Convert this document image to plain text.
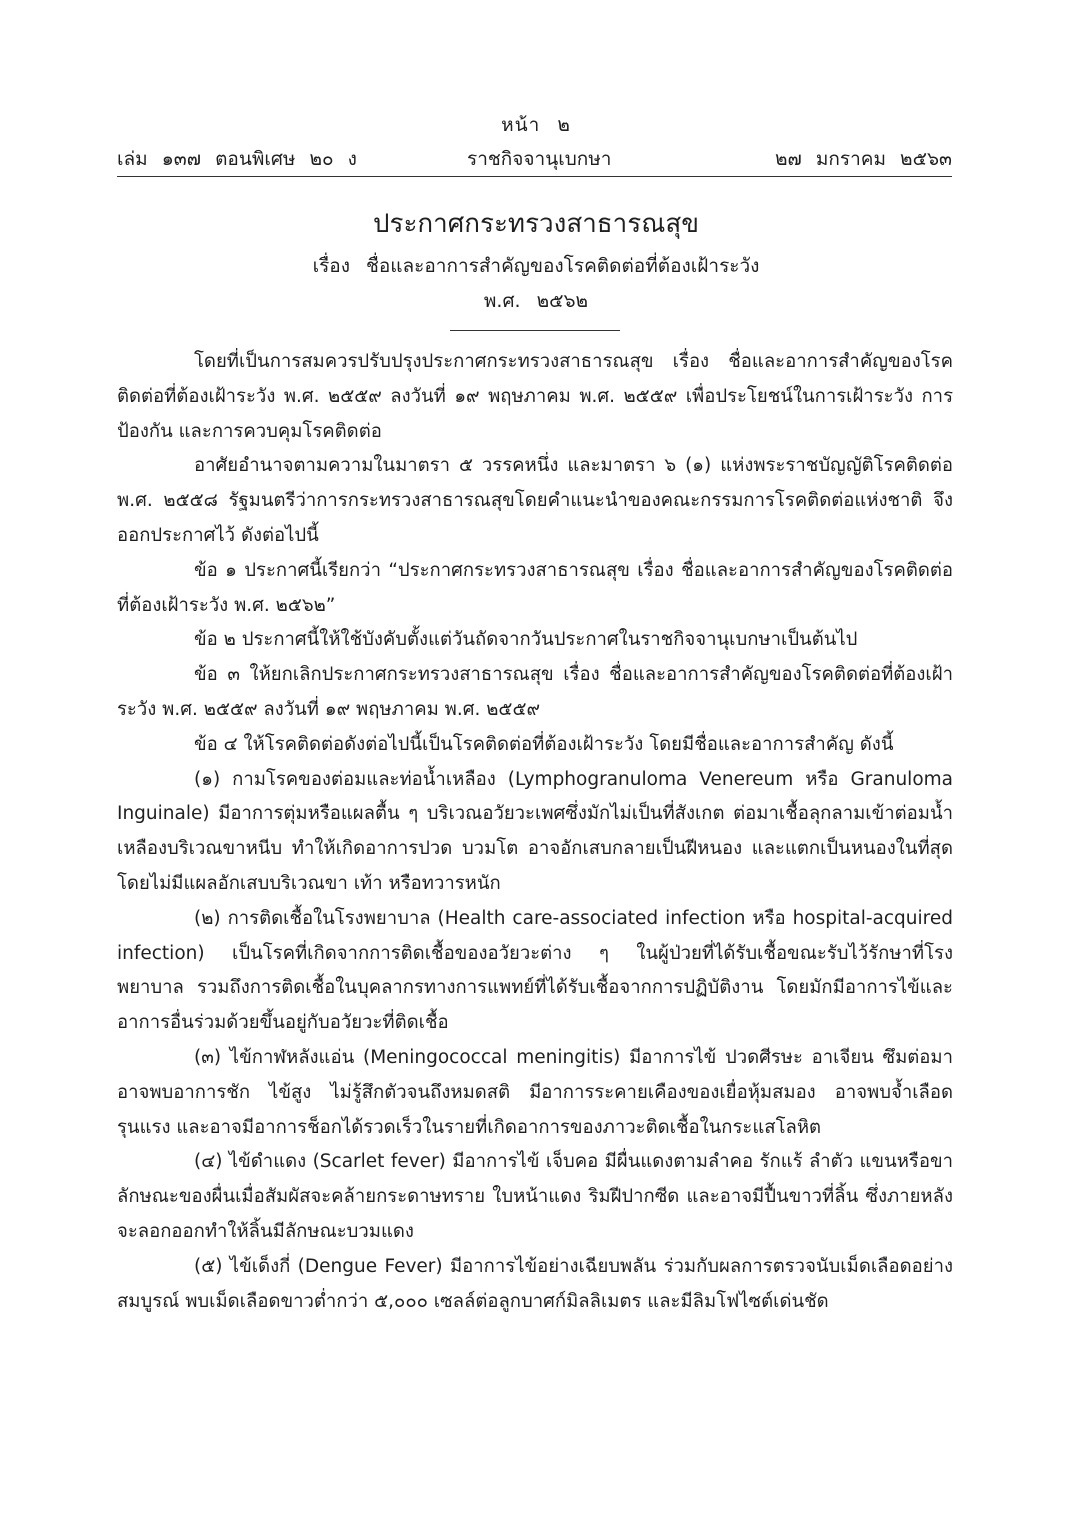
หน้า ๒
เล่ม ๑๓๗ ตอนพิเศษ ๒๐ ง	ราชกิจจานุเบกษา	๒๗ มกราคม ๒๕๖๓
ประกาศกระทรวงสาธารณสุข
เรื่อง ชื่อและอาการสำคัญของโรคติดต่อที่ต้องเฝ้าระวัง
พ.ศ. ๒๕๖๒

โดยที่เป็นการสมควรปรับปรุงประกาศกระทรวงสาธารณสุข เรื่อง ชื่อและอาการสำคัญของโรคติดต่อที่ต้องเฝ้าระวัง พ.ศ. ๒๕๕๙ ลงวันที่ ๑๙ พฤษภาคม พ.ศ. ๒๕๕๙ เพื่อประโยชน์ในการเฝ้าระวัง การป้องกัน และการควบคุมโรคติดต่อ

อาศัยอำนาจตามความในมาตรา ๕ วรรคหนึ่ง และมาตรา ๖ (๑) แห่งพระราชบัญญัติโรคติดต่อ พ.ศ. ๒๕๕๘ รัฐมนตรีว่าการกระทรวงสาธารณสุขโดยคำแนะนำของคณะกรรมการโรคติดต่อแห่งชาติ จึงออกประกาศไว้ ดังต่อไปนี้

ข้อ ๑ ประกาศนี้เรียกว่า “ประกาศกระทรวงสาธารณสุข เรื่อง ชื่อและอาการสำคัญของโรคติดต่อที่ต้องเฝ้าระวัง พ.ศ. ๒๕๖๒”

ข้อ ๒ ประกาศนี้ให้ใช้บังคับตั้งแต่วันถัดจากวันประกาศในราชกิจจานุเบกษาเป็นต้นไป

ข้อ ๓ ให้ยกเลิกประกาศกระทรวงสาธารณสุข เรื่อง ชื่อและอาการสำคัญของโรคติดต่อที่ต้องเฝ้าระวัง พ.ศ. ๒๕๕๙ ลงวันที่ ๑๙ พฤษภาคม พ.ศ. ๒๕๕๙

ข้อ ๔ ให้โรคติดต่อดังต่อไปนี้เป็นโรคติดต่อที่ต้องเฝ้าระวัง โดยมีชื่อและอาการสำคัญ ดังนี้

(๑) กามโรคของต่อมและท่อน้ำเหลือง (Lymphogranuloma Venereum หรือ Granuloma Inguinale) มีอาการตุ่มหรือแผลตื้น ๆ บริเวณอวัยวะเพศซึ่งมักไม่เป็นที่สังเกต ต่อมาเชื้อลุกลามเข้าต่อมน้ำเหลืองบริเวณขาหนีบ ทำให้เกิดอาการปวด บวมโต อาจอักเสบกลายเป็นฝีหนอง และแตกเป็นหนองในที่สุด โดยไม่มีแผลอักเสบบริเวณขา เท้า หรือทวารหนัก

(๒) การติดเชื้อในโรงพยาบาล (Health care-associated infection หรือ hospital-acquired infection) เป็นโรคที่เกิดจากการติดเชื้อของอวัยวะต่าง ๆ ในผู้ป่วยที่ได้รับเชื้อขณะรับไว้รักษาที่โรงพยาบาล รวมถึงการติดเชื้อในบุคลากรทางการแพทย์ที่ได้รับเชื้อจากการปฏิบัติงาน โดยมักมีอาการไข้และอาการอื่นร่วมด้วยขึ้นอยู่กับอวัยวะที่ติดเชื้อ

(๓) ไข้กาฬหลังแอ่น (Meningococcal meningitis) มีอาการไข้ ปวดศีรษะ อาเจียน ซึมต่อมาอาจพบอาการชัก ไข้สูง ไม่รู้สึกตัวจนถึงหมดสติ มีอาการระคายเคืองของเยื่อหุ้มสมอง อาจพบจ้ำเลือดรุนแรง และอาจมีอาการช็อกได้รวดเร็วในรายที่เกิดอาการของภาวะติดเชื้อในกระแสโลหิต

(๔) ไข้ดำแดง (Scarlet fever) มีอาการไข้ เจ็บคอ มีผื่นแดงตามลำคอ รักแร้ ลำตัว แขนหรือขา ลักษณะของผื่นเมื่อสัมผัสจะคล้ายกระดาษทราย ใบหน้าแดง ริมฝีปากซีด และอาจมีปื้นขาวที่ลิ้น ซึ่งภายหลังจะลอกออกทำให้ลิ้นมีลักษณะบวมแดง

(๕) ไข้เด็งกี่ (Dengue Fever) มีอาการไข้อย่างเฉียบพลัน ร่วมกับผลการตรวจนับเม็ดเลือดอย่างสมบูรณ์ พบเม็ดเลือดขาวต่ำกว่า ๕,๐๐๐ เซลล์ต่อลูกบาศก์มิลลิเมตร และมีลิมโฟไซต์เด่นชัด
